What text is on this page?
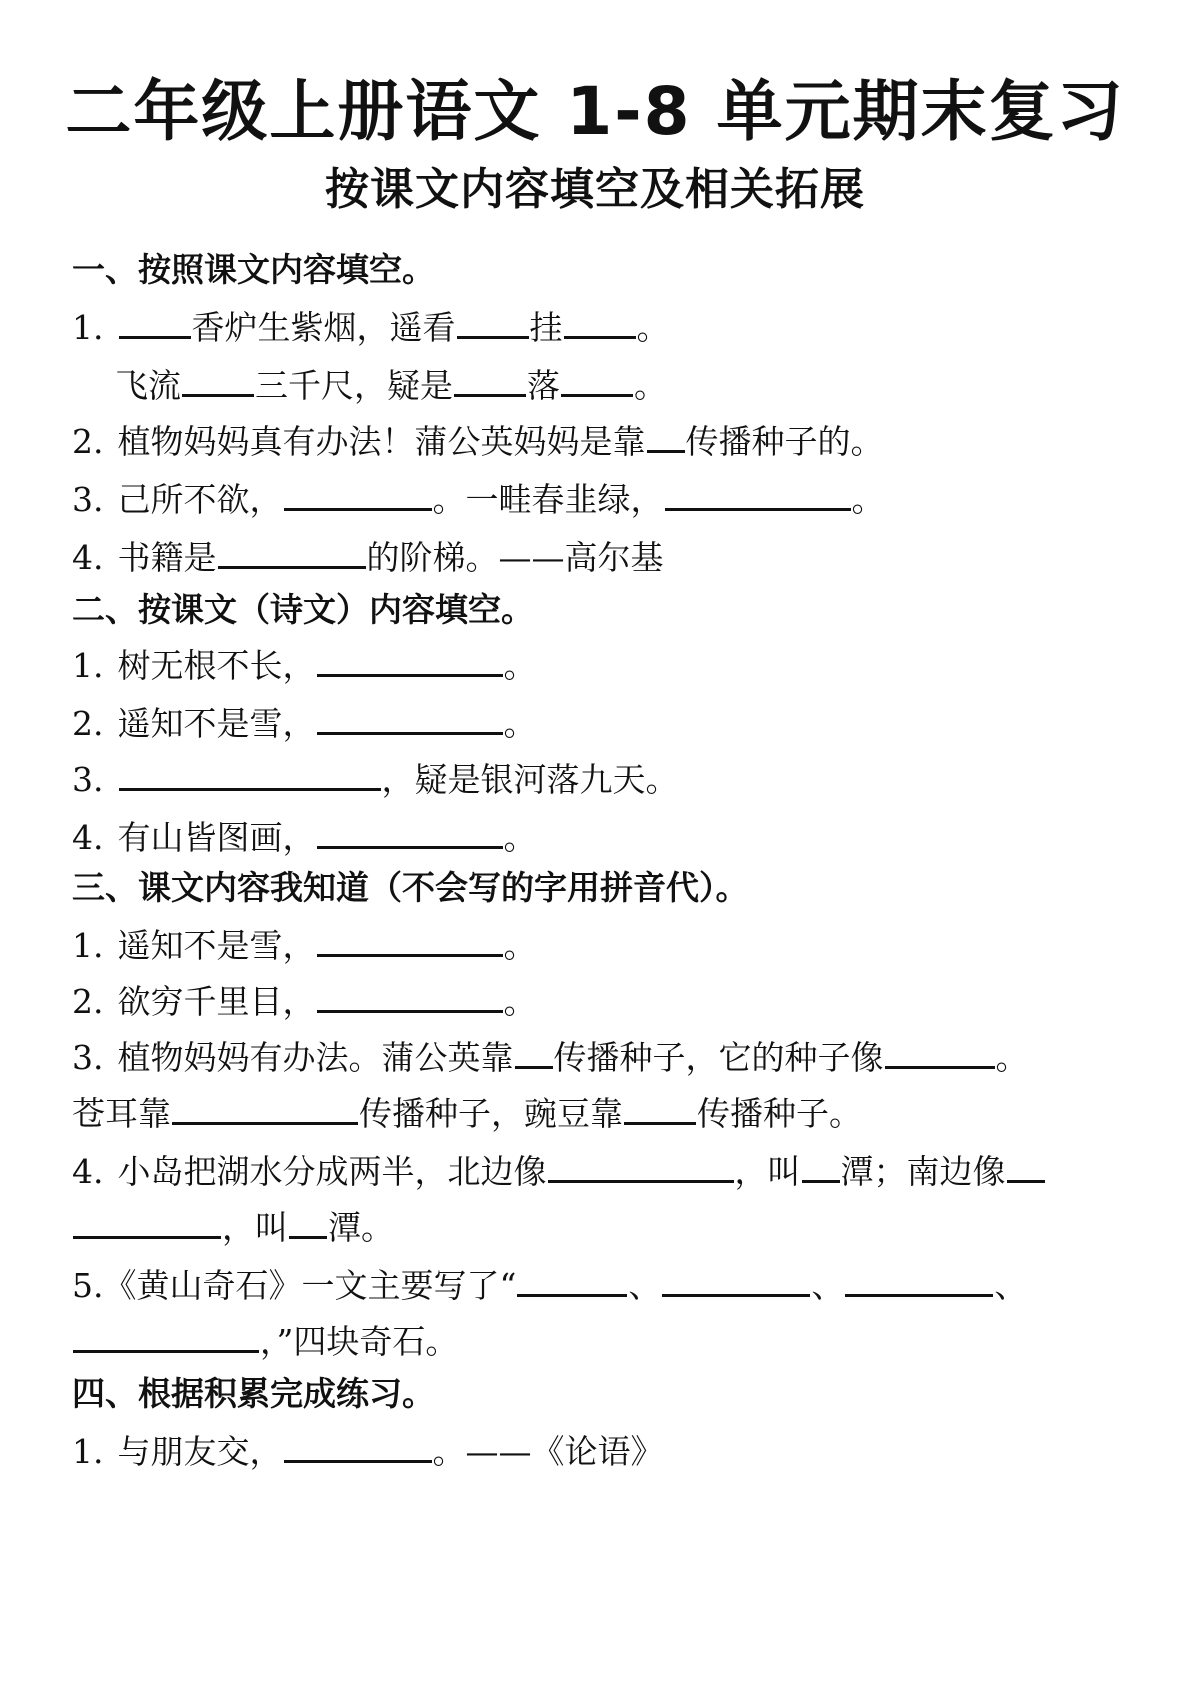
二年级上册语文 1-8 单元期末复习
按课文内容填空及相关拓展
一、按照课文内容填空。
1.	香炉生紫烟，遥看 挂 。
飞流 三千尺，疑是 落 。
2. 植物妈妈真有办法！蒲公英妈妈是靠 传播种子的。
3. 己所不欲，	。一畦春韭绿，	。
4. 书籍是	的阶梯。——高尔基
二、按课文（诗文）内容填空。
1. 树无根不长，	。
2. 遥知不是雪，	。
3.	，疑是银河落九天。
4. 有山皆图画，	。
三、课文内容我知道（不会写的字用拼音代）。
1. 遥知不是雪，	。
2. 欲穷千里目，	。
3. 植物妈妈有办法。蒲公英靠 传播种子，它的种子像	。
苍耳靠	传播种子，豌豆靠 传播种子。
4. 小岛把湖水分成两半，北边像	，叫 潭；南边像
，叫 潭。
5.《黄山奇石》一文主要写了“	、	、	、
，”四块奇石。
四、根据积累完成练习。
1. 与朋友交，	。——《论语》
